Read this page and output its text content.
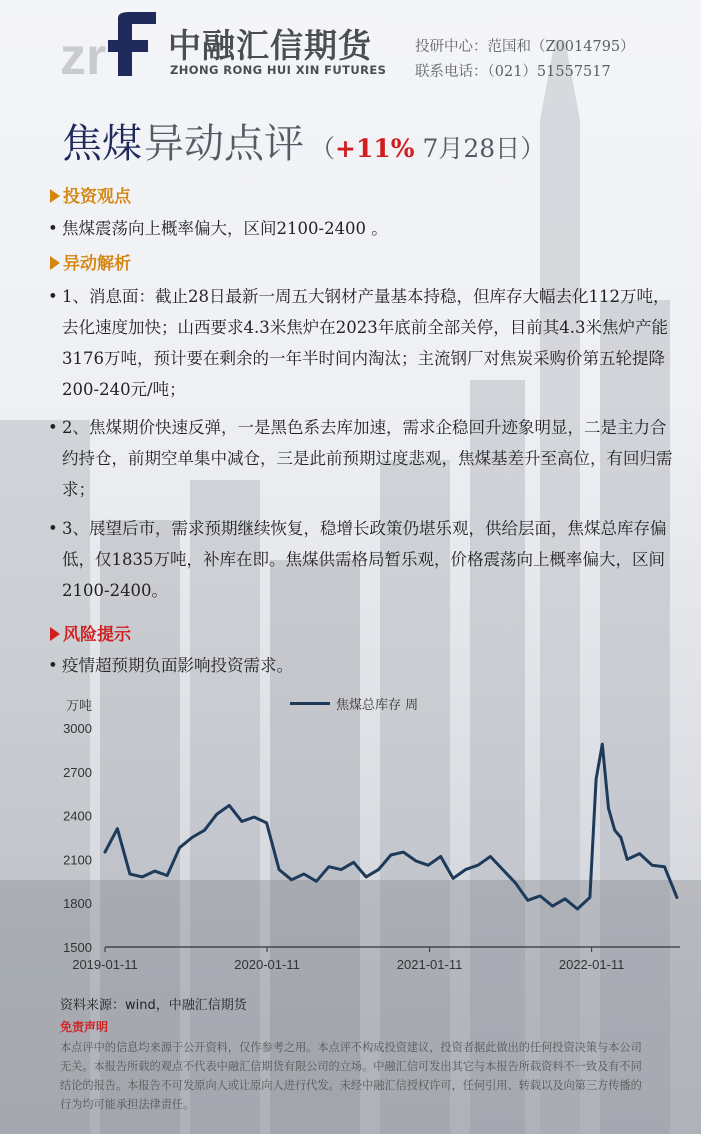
zr 中融汇信期货
ZHONG RONG HUI XIN FUTURES
投研中心：范国和（Z0014795）
联系电话：（021）51557517
焦煤异动点评 （+11% 7月28日）
投资观点
• 焦煤震荡向上概率偏大，区间2100-2400 。
异动解析
• 1、消息面：截止28日最新一周五大钢材产量基本持稳，但库存大幅去化112万吨，去化速度加快；山西要求4.3米焦炉在2023年底前全部关停，目前其4.3米焦炉产能3176万吨，预计要在剩余的一年半时间内淘汰；主流钢厂对焦炭采购价第五轮提降200-240元/吨；
• 2、焦煤期价快速反弹，一是黑色系去库加速，需求企稳回升迹象明显，二是主力合约持仓，前期空单集中减仓，三是此前预期过度悲观，焦煤基差升至高位，有回归需求；
• 3、展望后市，需求预期继续恢复，稳增长政策仍堪乐观，供给层面，焦煤总库存偏低，仅1835万吨，补库在即。焦煤供需格局暂乐观，价格震荡向上概率偏大，区间2100-2400。
风险提示
• 疫情超预期负面影响投资需求。
万吨	焦煤总库存 周
1500
1800
2100
2400
2700
3000
2019-01-11	2020-01-11	2021-01-11	2022-01-11
资料来源：wind，中融汇信期货
免责声明
本点评中的信息均来源于公开资料，仅作参考之用。本点评不构成投资建议，投资者据此做出的任何投资决策与本公司无关。本报告所载的观点不代表中融汇信期货有限公司的立场。中融汇信可发出其它与本报告所载资料不一致及有不同结论的报告。本报告不可发原向人或让原向人进行代发。未经中融汇信授权许可，任何引用、转载以及向第三方传播的行为均可能承担法律责任。
